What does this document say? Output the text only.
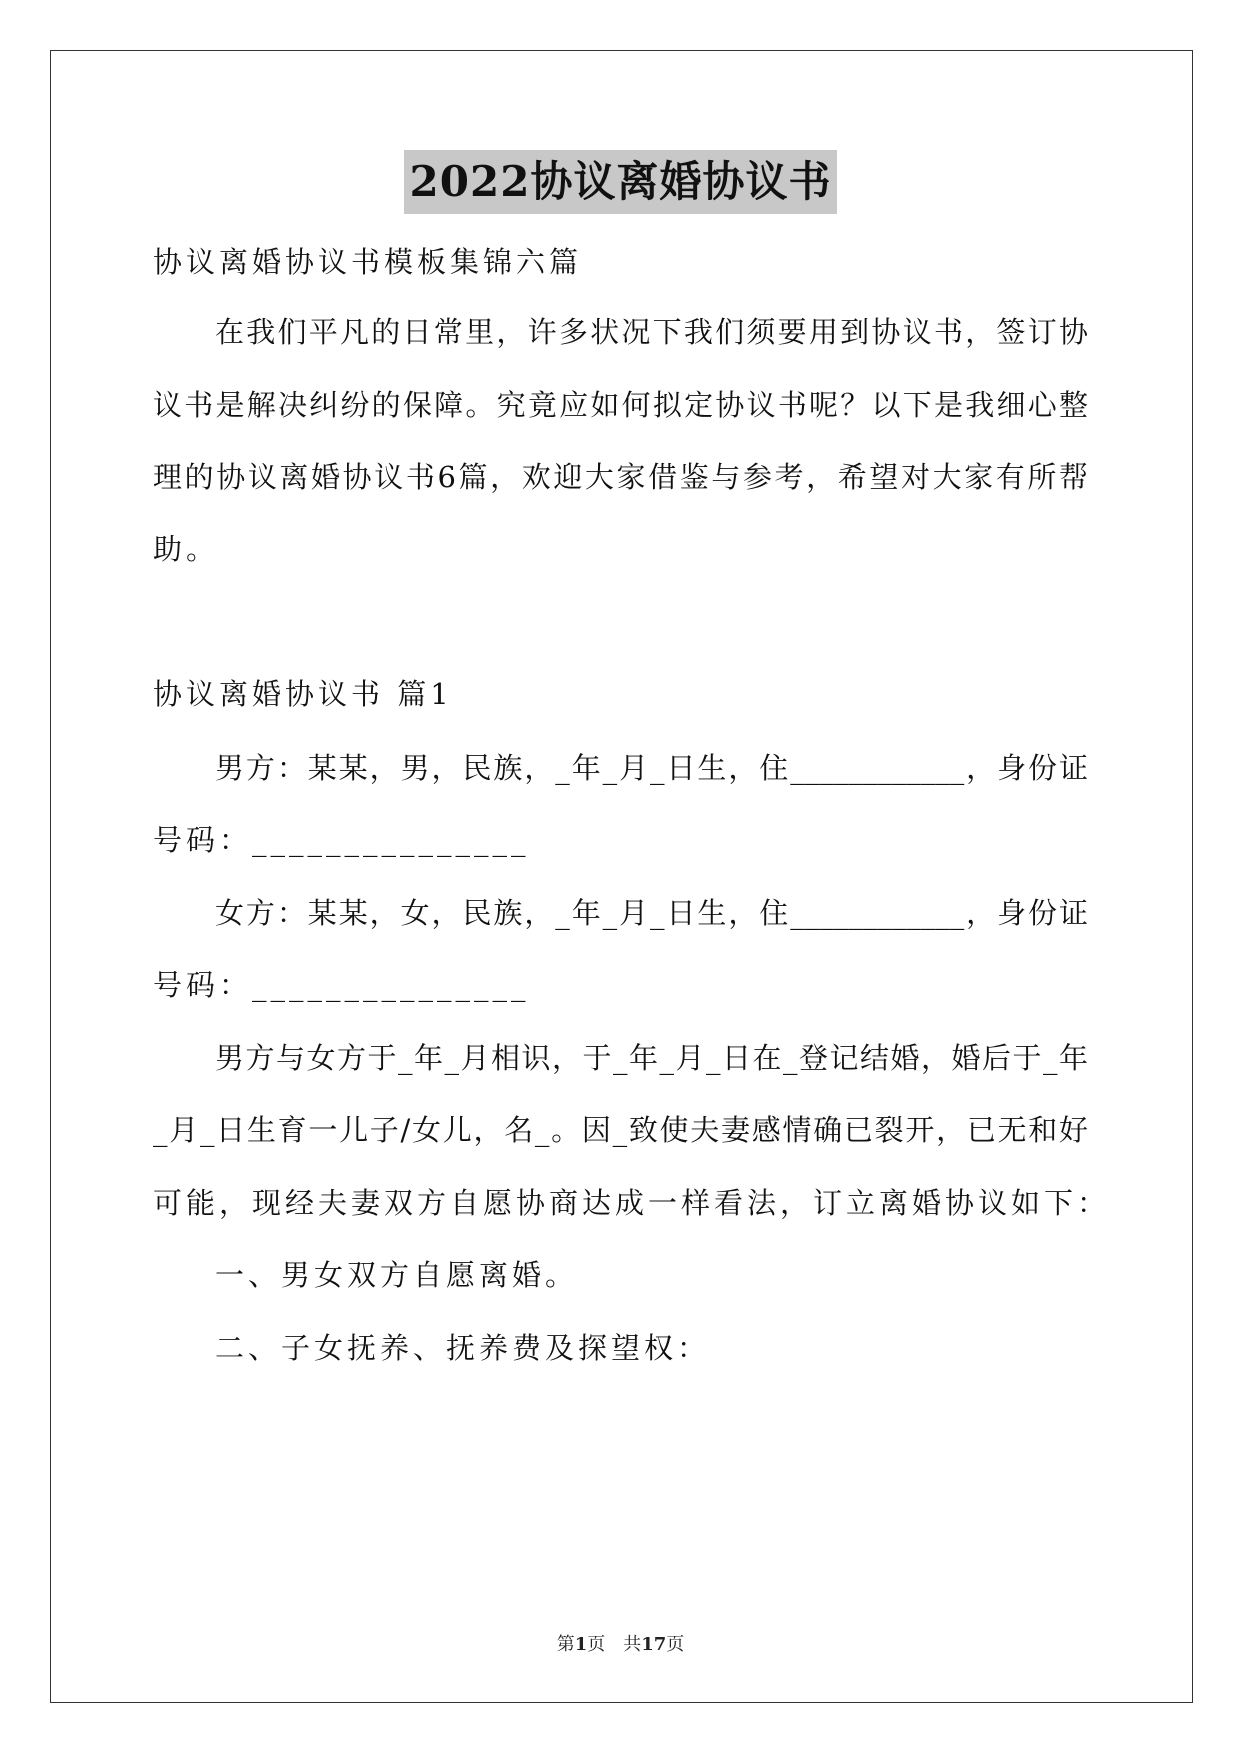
2022协议离婚协议书
协议离婚协议书模板集锦六篇
在我们平凡的日常里，许多状况下我们须要用到协议书，签订协
议书是解决纠纷的保障。究竟应如何拟定协议书呢？以下是我细心整
理的协议离婚协议书6篇，欢迎大家借鉴与参考，希望对大家有所帮
助。
协议离婚协议书 篇1
男方：某某，男，民族，_年_月_日生，住____________，身份证
号码：_______________
女方：某某，女，民族，_年_月_日生，住____________，身份证
号码：_______________
男方与女方于_年_月相识，于_年_月_日在_登记结婚，婚后于_年
_月_日生育一儿子/女儿，名_。因_致使夫妻感情确已裂开，已无和好
可能，现经夫妻双方自愿协商达成一样看法，订立离婚协议如下：
一、男女双方自愿离婚。
二、子女抚养、抚养费及探望权：
第1页　共17页
